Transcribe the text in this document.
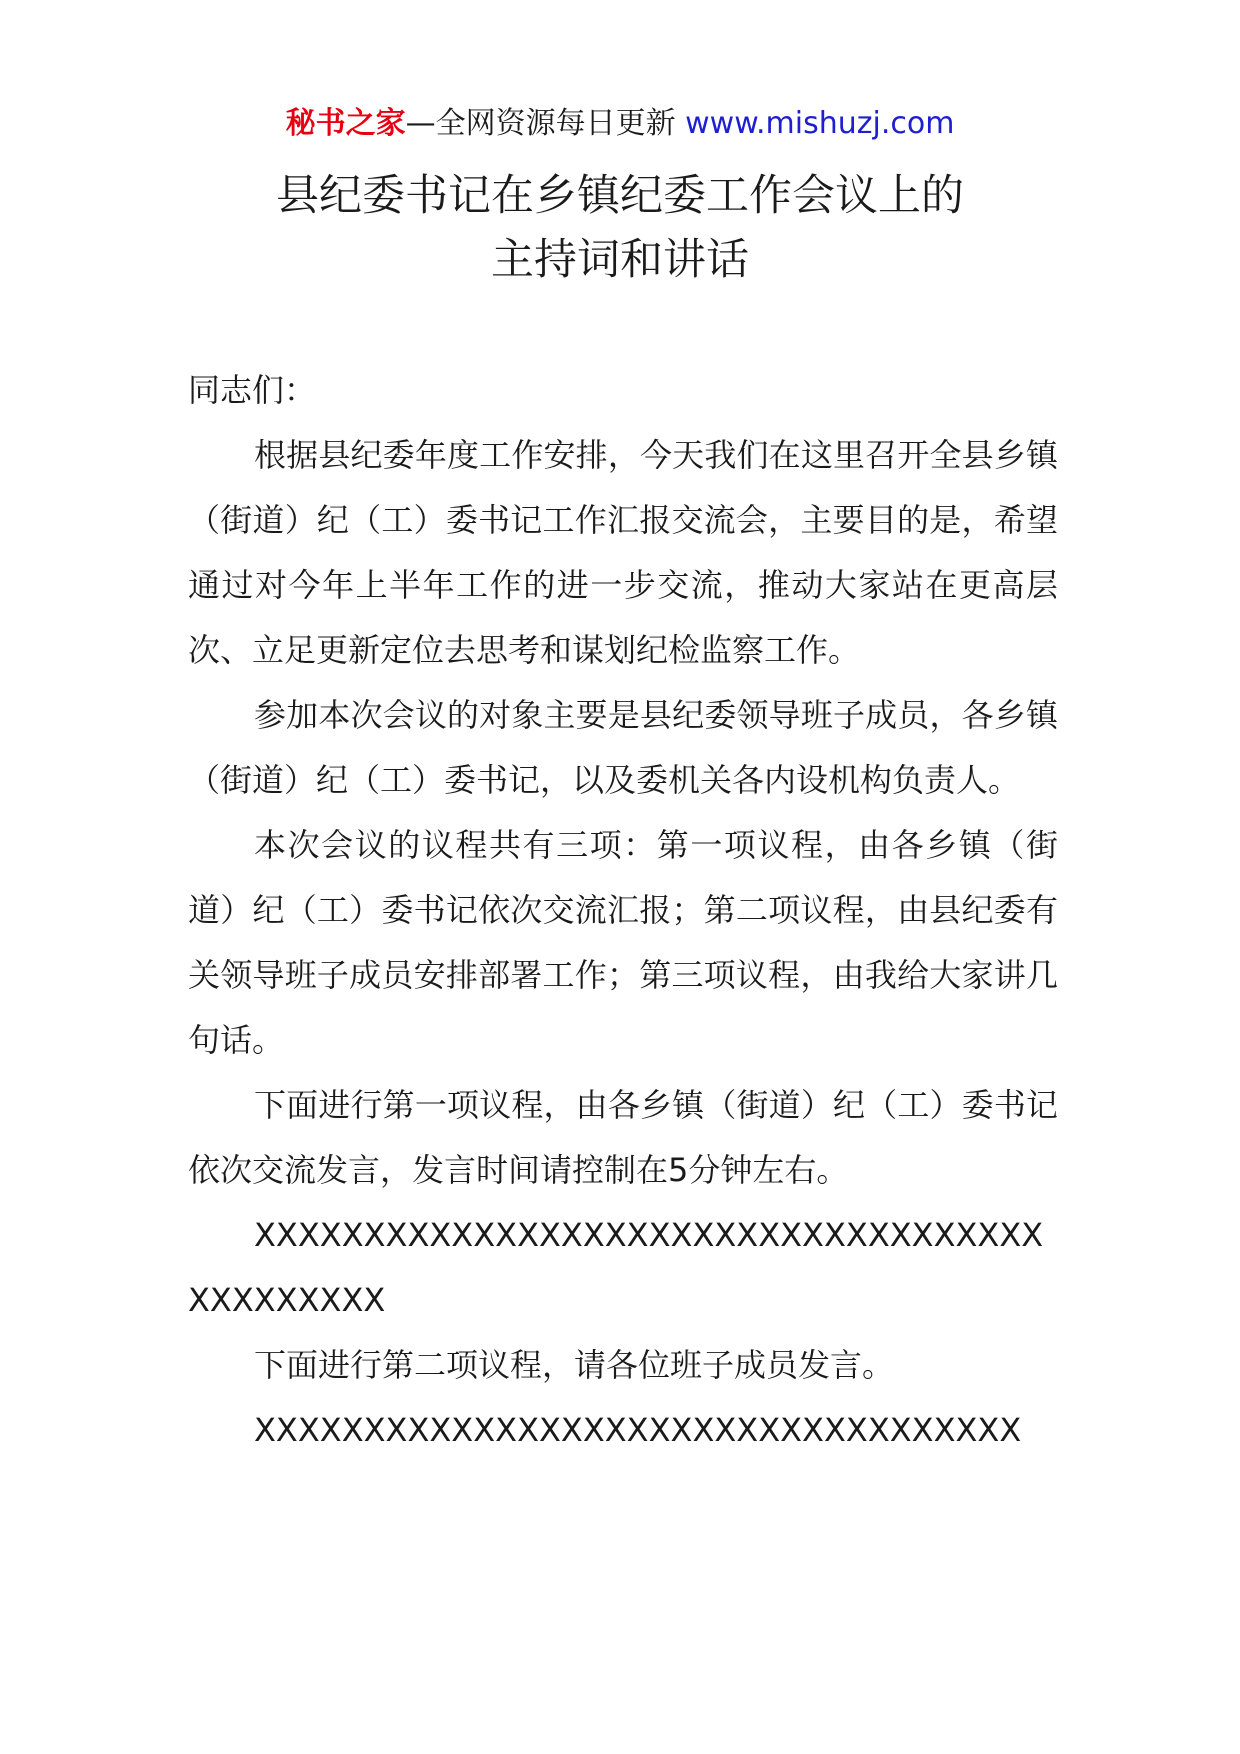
秘书之家—全网资源每日更新 www.mishuzj.com
县纪委书记在乡镇纪委工作会议上的
主持词和讲话

同志们：

根据县纪委年度工作安排，今天我们在这里召开全县乡镇（街道）纪（工）委书记工作汇报交流会，主要目的是，希望通过对今年上半年工作的进一步交流，推动大家站在更高层次、立足更新定位去思考和谋划纪检监察工作。

参加本次会议的对象主要是县纪委领导班子成员，各乡镇（街道）纪（工）委书记，以及委机关各内设机构负责人。

本次会议的议程共有三项：第一项议程，由各乡镇（街道）纪（工）委书记依次交流汇报；第二项议程，由县纪委有关领导班子成员安排部署工作；第三项议程，由我给大家讲几句话。

下面进行第一项议程，由各乡镇（街道）纪（工）委书记依次交流发言，发言时间请控制在5分钟左右。

XXXXXXXXXXXXXXXXXXXXXXXXXXXXXXXXXXXXXXXXXXXXX

下面进行第二项议程，请各位班子成员发言。

XXXXXXXXXXXXXXXXXXXXXXXXXXXXXXXXXXX
